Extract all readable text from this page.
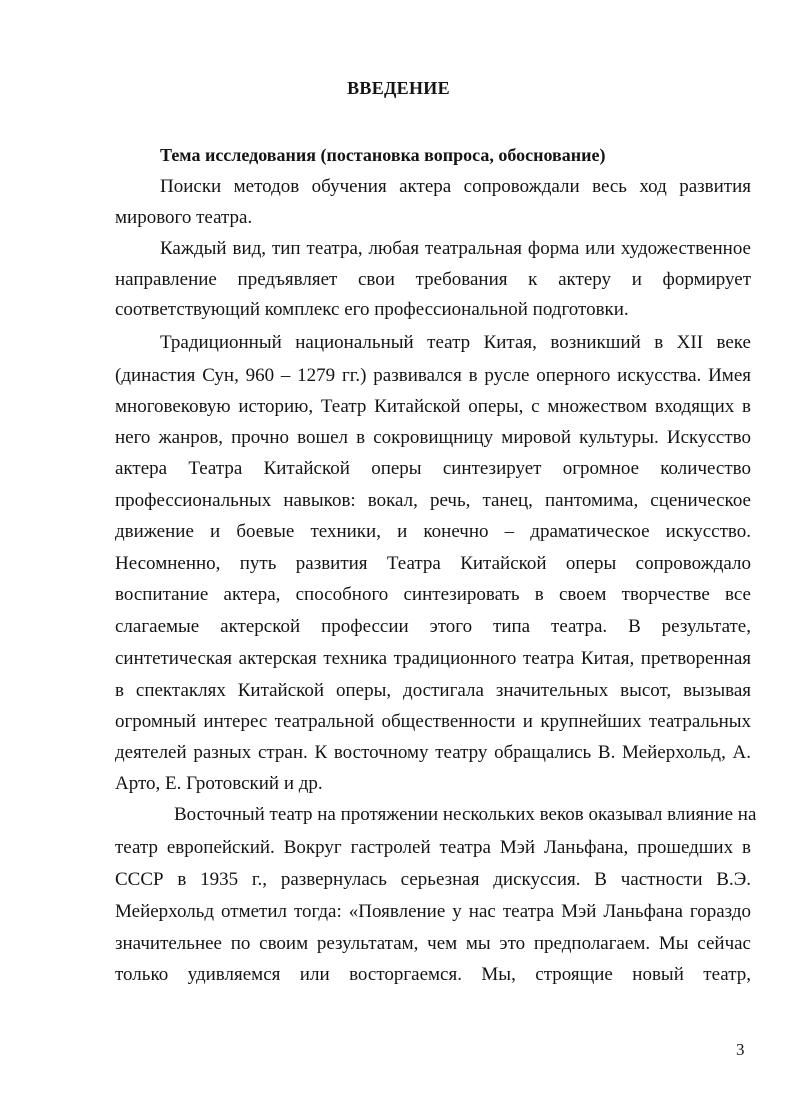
ВВЕДЕНИЕ
Тема исследования (постановка вопроса, обоснование)

Поиски методов обучения актера сопровождали весь ход развития

мирового театра.

Каждый вид, тип театра, любая театральная форма или художественное

направление предъявляет свои требования к актеру и формирует

соответствующий комплекс его профессиональной подготовки.

Традиционный национальный театр Китая, возникший в XII веке

(династия Сун, 960 – 1279 гг.) развивался в русле оперного искусства. Имея

многовековую историю, Театр Китайской оперы, с множеством входящих в

него жанров, прочно вошел в сокровищницу мировой культуры. Искусство

актера Театра Китайской оперы синтезирует огромное количество

профессиональных навыков: вокал, речь, танец, пантомима, сценическое

движение и боевые техники, и конечно – драматическое искусство.

Несомненно, путь развития Театра Китайской оперы сопровождало

воспитание актера, способного синтезировать в своем творчестве все

слагаемые актерской профессии этого типа театра. В результате,

синтетическая актерская техника традиционного театра Китая, претворенная

в спектаклях Китайской оперы, достигала значительных высот, вызывая

огромный интерес театральной общественности и крупнейших театральных

деятелей разных стран. К восточному театру обращались В. Мейерхольд, А.

Арто, Е. Гротовский и др.

Восточный театр на протяжении нескольких веков оказывал влияние на

театр европейский. Вокруг гастролей театра Мэй Ланьфана, прошедших в

СССР в 1935 г., развернулась серьезная дискуссия. В частности В.Э.

Мейерхольд отметил тогда: «Появление у нас театра Мэй Ланьфана гораздо

значительнее по своим результатам, чем мы это предполагаем. Мы сейчас

только удивляемся или восторгаемся. Мы, строящие новый театр,

3
